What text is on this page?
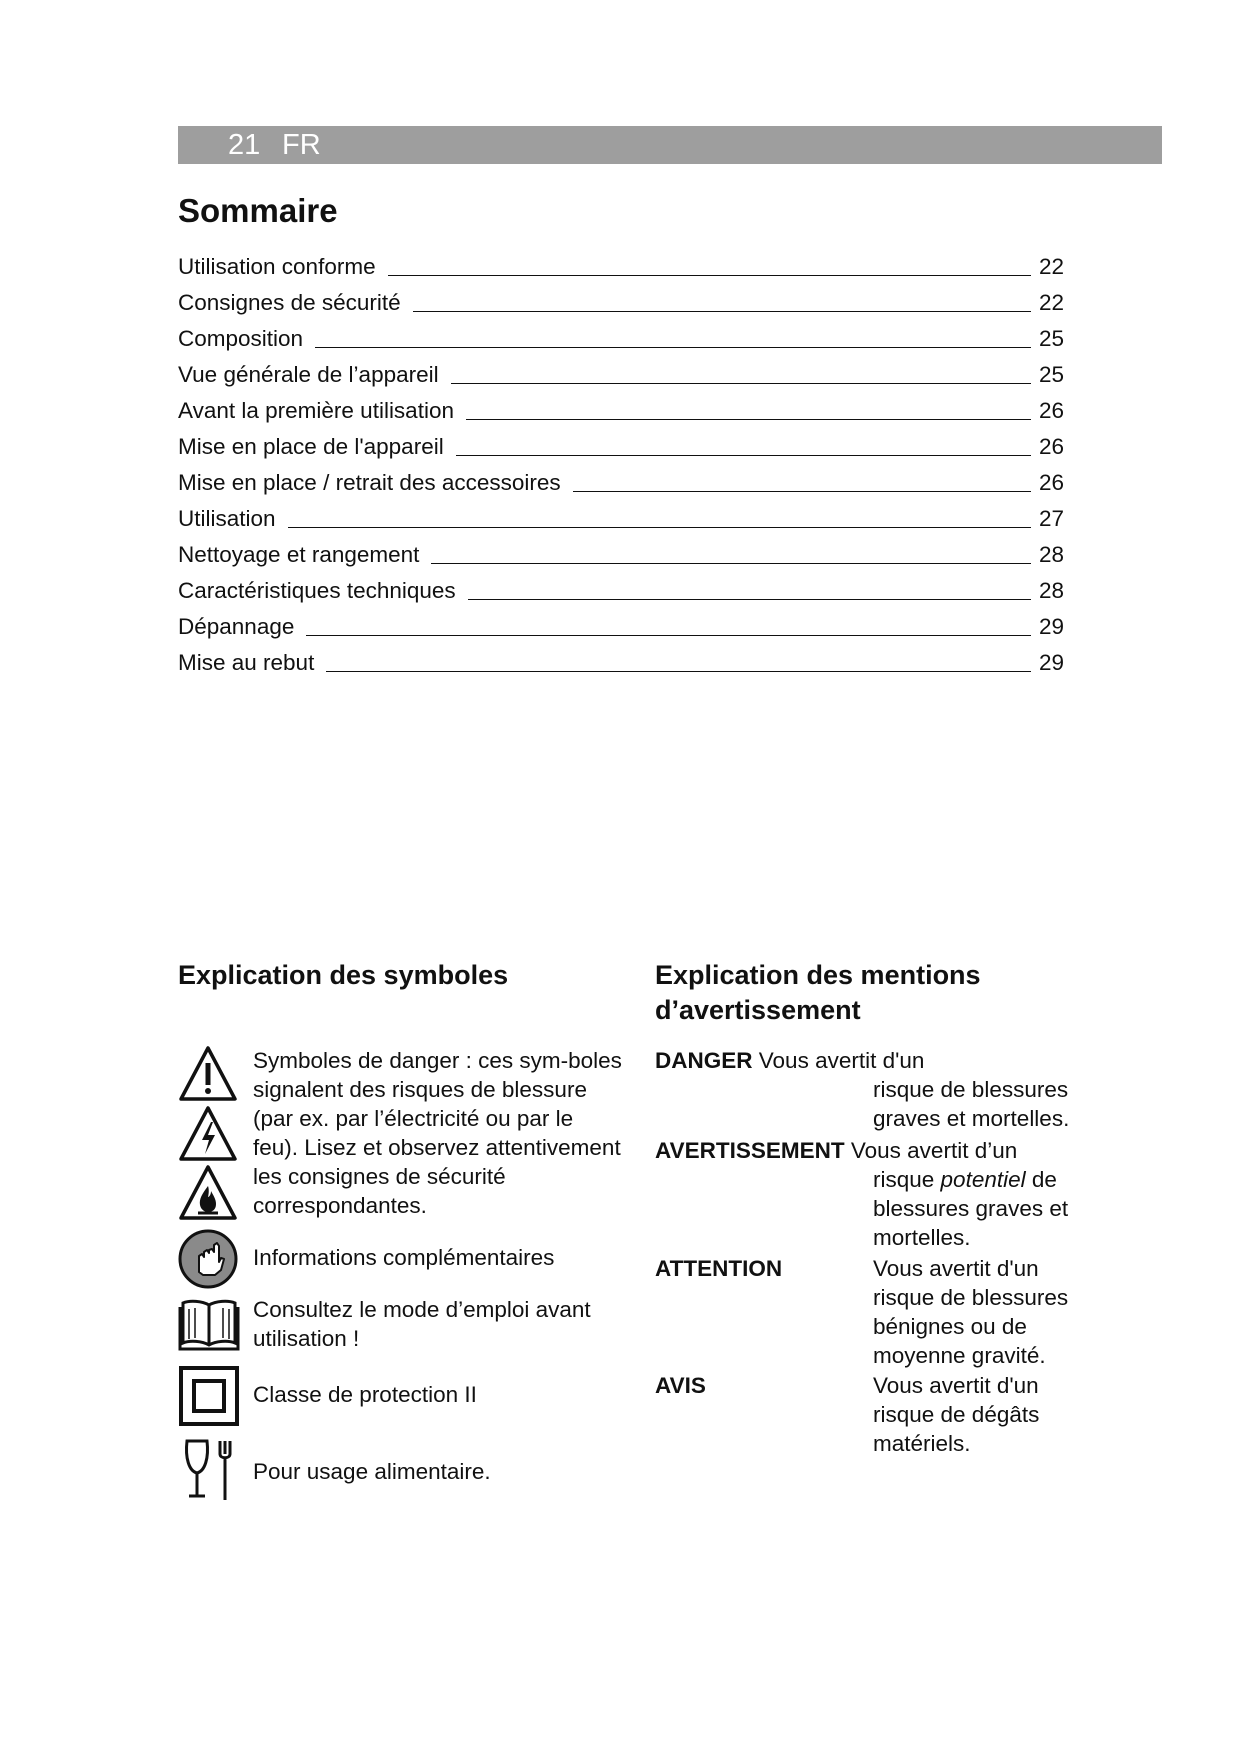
21 FR
Sommaire
Utilisation conforme	22
Consignes de sécurité	22
Composition	25
Vue générale de l’appareil	25
Avant la première utilisation	26
Mise en place de l'appareil	26
Mise en place / retrait des accessoires	26
Utilisation	27
Nettoyage et rangement	28
Caractéristiques techniques	28
Dépannage	29
Mise au rebut	29
Explication des symboles

Symboles de danger : ces sym-boles signalent des risques de blessure (par ex. par l’électricité ou par le feu). Lisez et observez attentivement les consignes de sécurité correspondantes.

Informations complémentaires

Consultez le mode d’emploi avant utilisation !

Classe de protection II

Pour usage alimentaire.

Explication des mentions
d’avertissement
DANGER Vous avertit d'un
risque de blessures graves et mortelles.
AVERTISSEMENT Vous avertit d’un
risque potentiel de blessures graves et mortelles.
ATTENTION	Vous avertit d'un risque de blessures bénignes ou de moyenne gravité.
AVIS	Vous avertit d'un risque de dégâts matériels.
